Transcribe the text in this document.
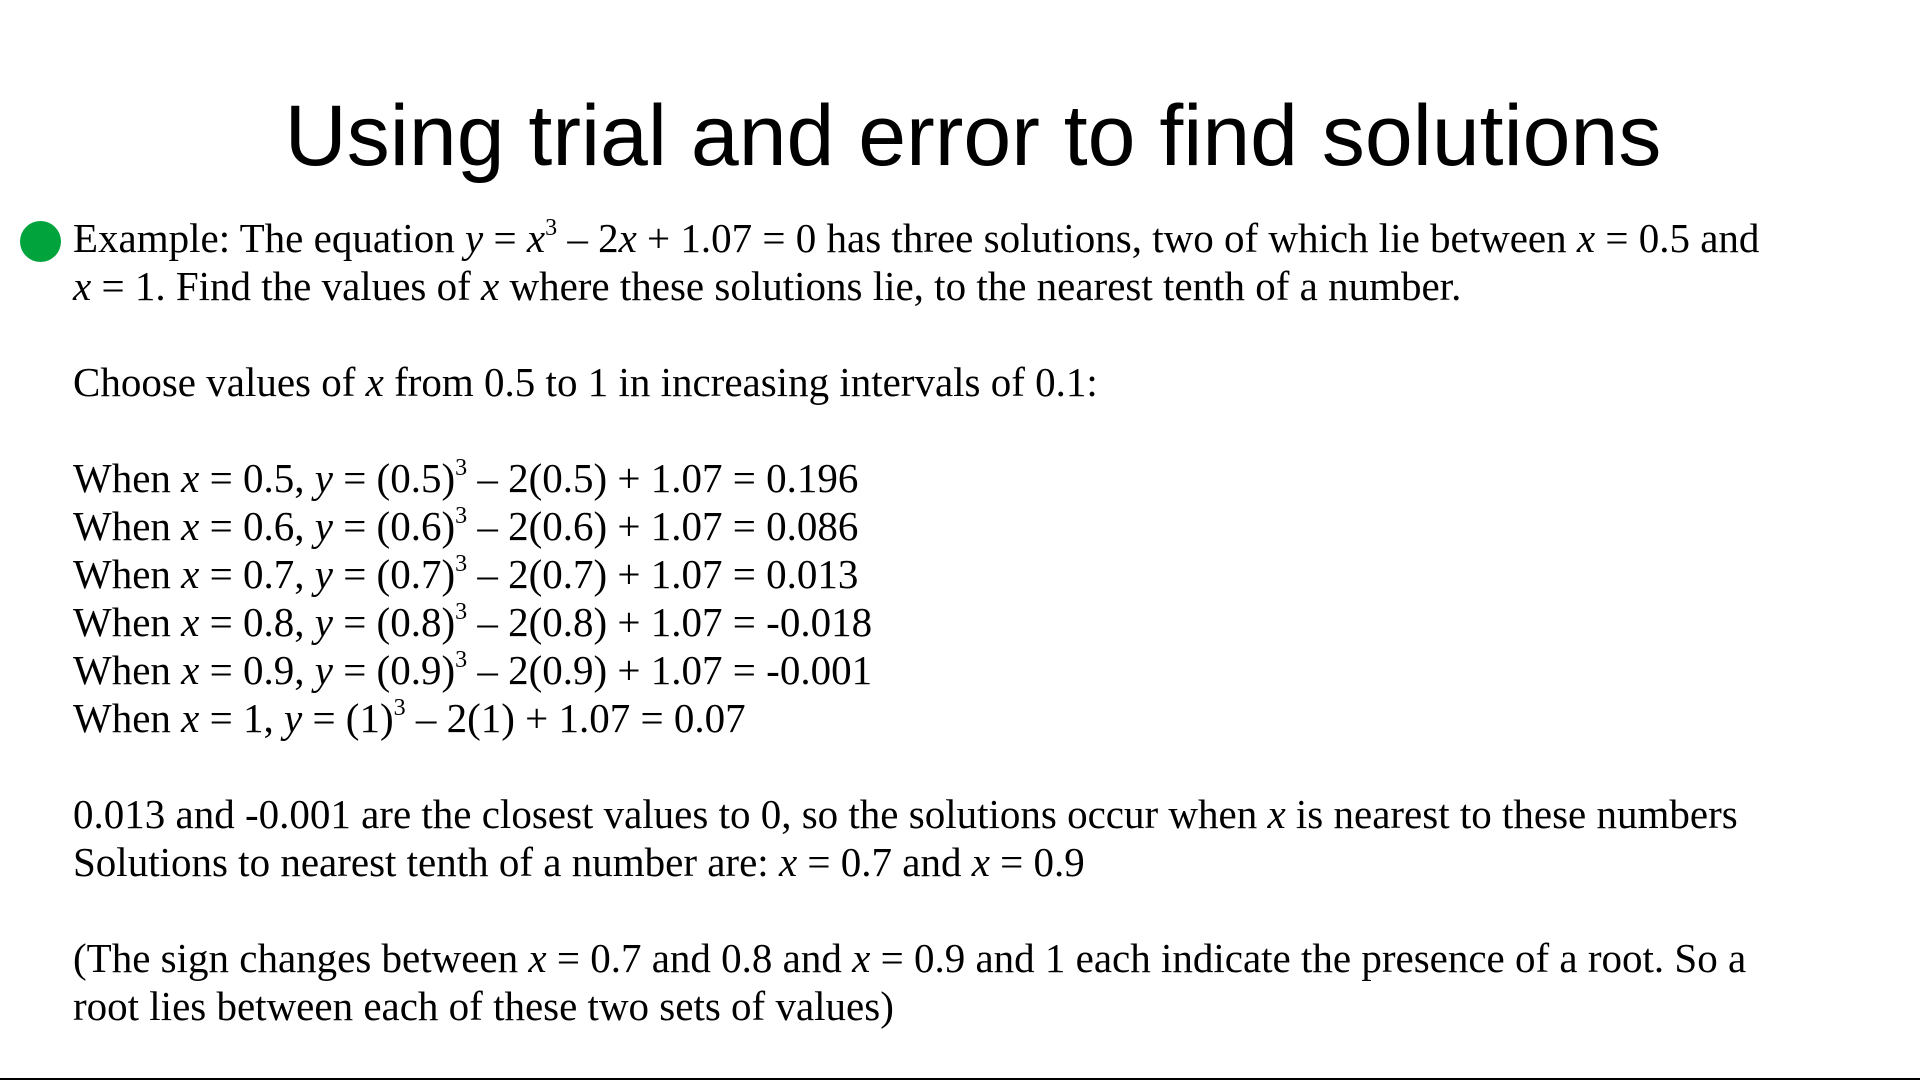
Using trial and error to find solutions
Example: The equation $y = x^3 - 2x + 1.07 = 0$ has three solutions, two of which lie between x = 0.5 and
x = 1. Find the values of x where these solutions lie, to the nearest tenth of a number.
Choose values of x from 0.5 to 1 in increasing intervals of 0.1:
When x = 0.5, $y = (0.5)^3 - 2(0.5) + 1.07 = 0.196$
When x = 0.6, $y = (0.6)^3 - 2(0.6) + 1.07 = 0.086$
When x = 0.7, $y = (0.7)^3 - 2(0.7) + 1.07 = 0.013$
When x = 0.8, $y = (0.8)^3 - 2(0.8) + 1.07 = -0.018$
When x = 0.9, $y = (0.9)^3 - 2(0.9) + 1.07 = -0.001$
When x = 1, $y = (1)^3 - 2(1) + 1.07 = 0.07$
0.013 and -0.001 are the closest values to 0, so the solutions occur when x is nearest to these numbers
Solutions to nearest tenth of a number are: x = 0.7 and x = 0.9
(The sign changes between x = 0.7 and 0.8 and x = 0.9 and 1 each indicate the presence of a root. So a
root lies between each of these two sets of values)
